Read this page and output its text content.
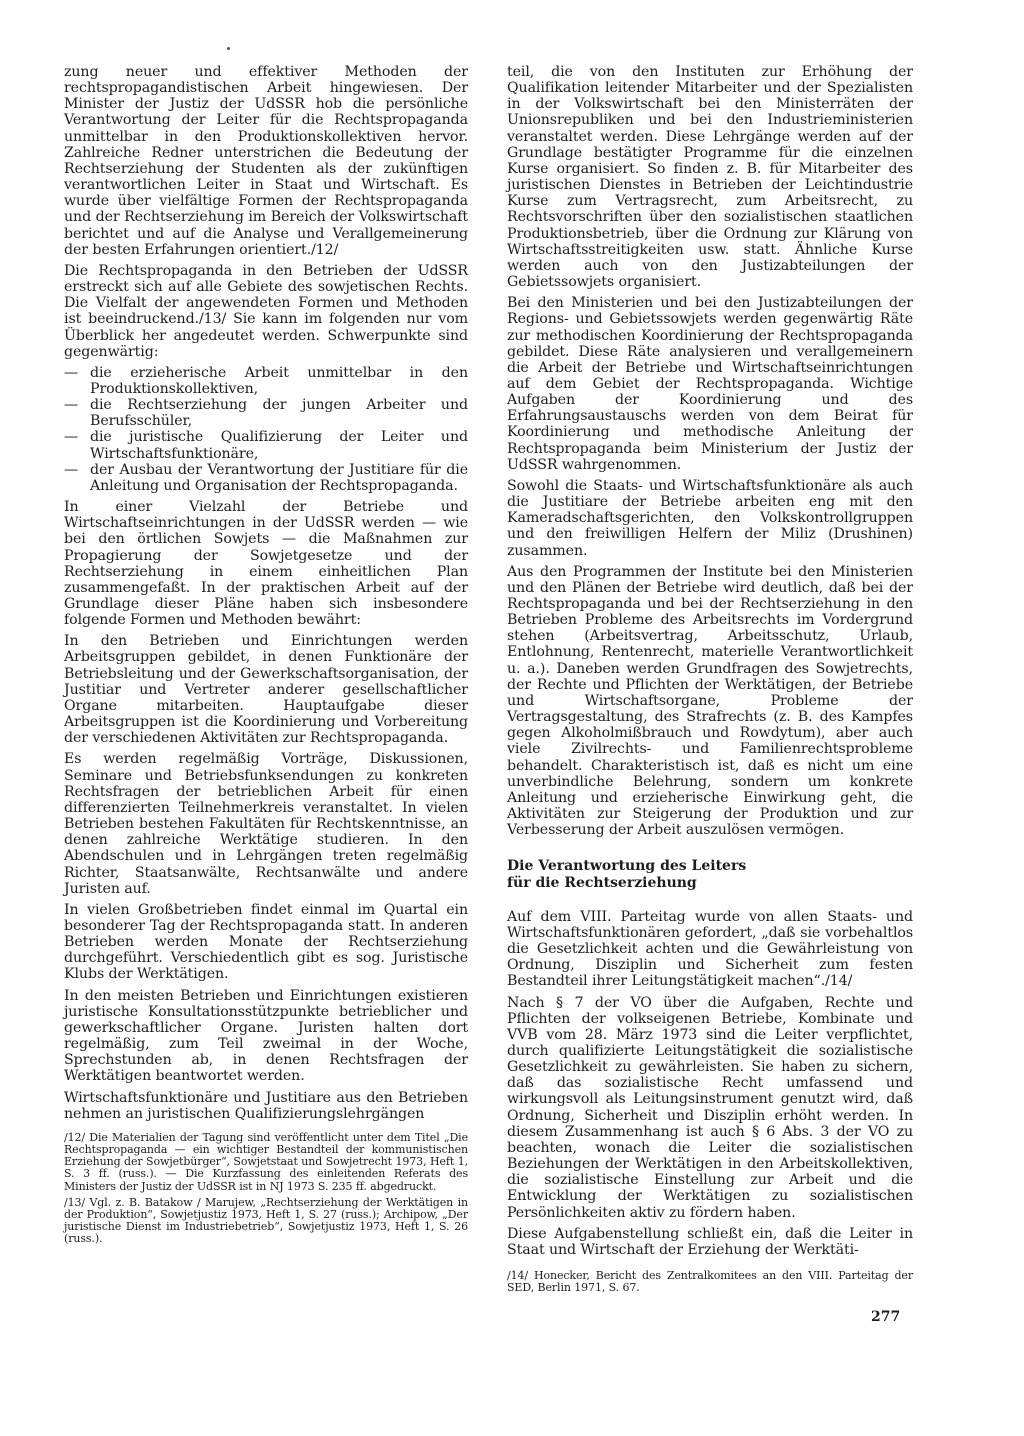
zung neuer und effektiver Methoden der rechtspropagandistischen Arbeit hingewiesen. Der Minister der Justiz der UdSSR hob die persönliche Verantwortung der Leiter für die Rechtspropaganda unmittelbar in den Produktionskollektiven hervor. Zahlreiche Redner unterstrichen die Bedeutung der Rechtserziehung der Studenten als der zukünftigen verantwortlichen Leiter in Staat und Wirtschaft. Es wurde über vielfältige Formen der Rechtspropaganda und der Rechtserziehung im Bereich der Volkswirtschaft berichtet und auf die Analyse und Verallgemeinerung der besten Erfahrungen orientiert./12/

Die Rechtspropaganda in den Betrieben der UdSSR erstreckt sich auf alle Gebiete des sowjetischen Rechts. Die Vielfalt der angewendeten Formen und Methoden ist beeindruckend./13/ Sie kann im folgenden nur vom Überblick her angedeutet werden. Schwerpunkte sind gegenwärtig:

— die erzieherische Arbeit unmittelbar in den Produktionskollektiven,
— die Rechtserziehung der jungen Arbeiter und Berufsschüler,
— die juristische Qualifizierung der Leiter und Wirtschaftsfunktionäre,
— der Ausbau der Verantwortung der Justitiare für die Anleitung und Organisation der Rechtspropaganda.

In einer Vielzahl der Betriebe und Wirtschaftseinrichtungen in der UdSSR werden — wie bei den örtlichen Sowjets — die Maßnahmen zur Propagierung der Sowjetgesetze und der Rechtserziehung in einem einheitlichen Plan zusammengefaßt. In der praktischen Arbeit auf der Grundlage dieser Pläne haben sich insbesondere folgende Formen und Methoden bewährt:

In den Betrieben und Einrichtungen werden Arbeitsgruppen gebildet, in denen Funktionäre der Betriebsleitung und der Gewerkschaftsorganisation, der Justitiar und Vertreter anderer gesellschaftlicher Organe mitarbeiten. Hauptaufgabe dieser Arbeitsgruppen ist die Koordinierung und Vorbereitung der verschiedenen Aktivitäten zur Rechtspropaganda.

Es werden regelmäßig Vorträge, Diskussionen, Seminare und Betriebsfunksendungen zu konkreten Rechtsfragen der betrieblichen Arbeit für einen differenzierten Teilnehmerkreis veranstaltet. In vielen Betrieben bestehen Fakultäten für Rechtskenntnisse, an denen zahlreiche Werktätige studieren. In den Abendschulen und in Lehrgängen treten regelmäßig Richter, Staatsanwälte, Rechtsanwälte und andere Juristen auf.

In vielen Großbetrieben findet einmal im Quartal ein besonderer Tag der Rechtspropaganda statt. In anderen Betrieben werden Monate der Rechtserziehung durchgeführt. Verschiedentlich gibt es sog. Juristische Klubs der Werktätigen.

In den meisten Betrieben und Einrichtungen existieren juristische Konsultationsstützpunkte betrieblicher und gewerkschaftlicher Organe. Juristen halten dort regelmäßig, zum Teil zweimal in der Woche, Sprechstunden ab, in denen Rechtsfragen der Werktätigen beantwortet werden.

Wirtschaftsfunktionäre und Justitiare aus den Betrieben nehmen an juristischen Qualifizierungslehrgängen

/12/ Die Materialien der Tagung sind veröffentlicht unter dem Titel „Die Rechtspropaganda — ein wichtiger Bestandteil der kommunistischen Erziehung der Sowjetbürger“, Sowjetstaat und Sowjetrecht 1973, Heft 1, S. 3 ff. (russ.). — Die Kurzfassung des einleitenden Referats des Ministers der Justiz der UdSSR ist in NJ 1973 S. 235 ff. abgedruckt.

/13/ Vgl. z. B. Batakow / Marujew, „Rechtserziehung der Werktätigen in der Produktion“, Sowjetjustiz 1973, Heft 1, S. 27 (russ.); Archipow, „Der juristische Dienst im Industriebetrieb“, Sowjetjustiz 1973, Heft 1, S. 26 (russ.).

teil, die von den Instituten zur Erhöhung der Qualifikation leitender Mitarbeiter und der Spezialisten in der Volkswirtschaft bei den Ministerräten der Unionsrepubliken und bei den Industrieministerien veranstaltet werden. Diese Lehrgänge werden auf der Grundlage bestätigter Programme für die einzelnen Kurse organisiert. So finden z. B. für Mitarbeiter des juristischen Dienstes in Betrieben der Leichtindustrie Kurse zum Vertragsrecht, zum Arbeitsrecht, zu Rechtsvorschriften über den sozialistischen staatlichen Produktionsbetrieb, über die Ordnung zur Klärung von Wirtschaftsstreitigkeiten usw. statt. Ähnliche Kurse werden auch von den Justizabteilungen der Gebietssowjets organisiert.

Bei den Ministerien und bei den Justizabteilungen der Regions- und Gebietssowjets werden gegenwärtig Räte zur methodischen Koordinierung der Rechtspropaganda gebildet. Diese Räte analysieren und verallgemeinern die Arbeit der Betriebe und Wirtschaftseinrichtungen auf dem Gebiet der Rechtspropaganda. Wichtige Aufgaben der Koordinierung und des Erfahrungsaustauschs werden von dem Beirat für Koordinierung und methodische Anleitung der Rechtspropaganda beim Ministerium der Justiz der UdSSR wahrgenommen.

Sowohl die Staats- und Wirtschaftsfunktionäre als auch die Justitiare der Betriebe arbeiten eng mit den Kameradschaftsgerichten, den Volkskontrollgruppen und den freiwilligen Helfern der Miliz (Drushinen) zusammen.

Aus den Programmen der Institute bei den Ministerien und den Plänen der Betriebe wird deutlich, daß bei der Rechtspropaganda und bei der Rechtserziehung in den Betrieben Probleme des Arbeitsrechts im Vordergrund stehen (Arbeitsvertrag, Arbeitsschutz, Urlaub, Entlohnung, Rentenrecht, materielle Verantwortlichkeit u. a.). Daneben werden Grundfragen des Sowjetrechts, der Rechte und Pflichten der Werktätigen, der Betriebe und Wirtschaftsorgane, Probleme der Vertragsgestaltung, des Strafrechts (z. B. des Kampfes gegen Alkoholmißbrauch und Rowdytum), aber auch viele Zivilrechts- und Familienrechtsprobleme behandelt. Charakteristisch ist, daß es nicht um eine unverbindliche Belehrung, sondern um konkrete Anleitung und erzieherische Einwirkung geht, die Aktivitäten zur Steigerung der Produktion und zur Verbesserung der Arbeit auszulösen vermögen.

Die Verantwortung des Leiters
für die Rechtserziehung

Auf dem VIII. Parteitag wurde von allen Staats- und Wirtschaftsfunktionären gefordert, „daß sie vorbehaltlos die Gesetzlichkeit achten und die Gewährleistung von Ordnung, Disziplin und Sicherheit zum festen Bestandteil ihrer Leitungstätigkeit machen“./14/

Nach § 7 der VO über die Aufgaben, Rechte und Pflichten der volkseigenen Betriebe, Kombinate und VVB vom 28. März 1973 sind die Leiter verpflichtet, durch qualifizierte Leitungstätigkeit die sozialistische Gesetzlichkeit zu gewährleisten. Sie haben zu sichern, daß das sozialistische Recht umfassend und wirkungsvoll als Leitungsinstrument genutzt wird, daß Ordnung, Sicherheit und Disziplin erhöht werden. In diesem Zusammenhang ist auch § 6 Abs. 3 der VO zu beachten, wonach die Leiter die sozialistischen Beziehungen der Werktätigen in den Arbeitskollektiven, die sozialistische Einstellung zur Arbeit und die Entwicklung der Werktätigen zu sozialistischen Persönlichkeiten aktiv zu fördern haben.

Diese Aufgabenstellung schließt ein, daß die Leiter in Staat und Wirtschaft der Erziehung der Werktäti-

/14/ Honecker, Bericht des Zentralkomitees an den VIII. Parteitag der SED, Berlin 1971, S. 67.

277
